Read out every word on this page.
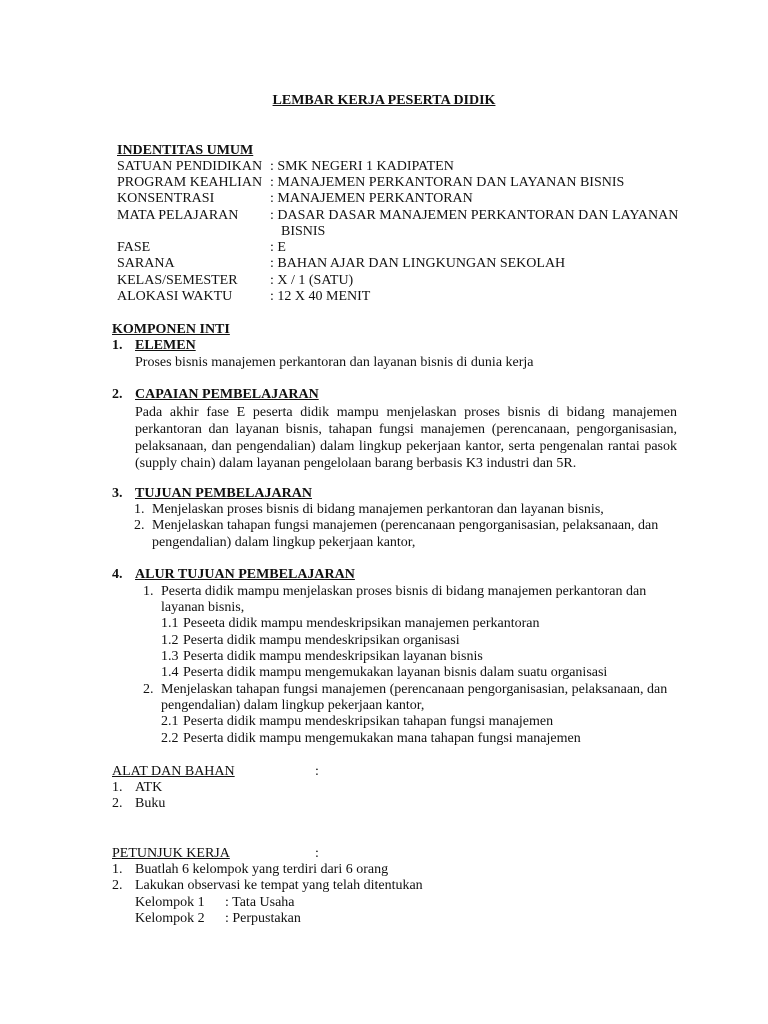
LEMBAR KERJA PESERTA DIDIK
INDENTITAS UMUM
SATUAN PENDIDIKAN : SMK NEGERI 1 KADIPATEN
PROGRAM KEAHLIAN : MANAJEMEN PERKANTORAN DAN LAYANAN BISNIS
KONSENTRASI	: MANAJEMEN PERKANTORAN
MATA PELAJARAN : DASAR DASAR MANAJEMEN PERKANTORAN DAN LAYANAN
BISNIS
FASE	: E
SARANA	: BAHAN AJAR DAN LINGKUNGAN SEKOLAH
KELAS/SEMESTER : X / 1 (SATU)
ALOKASI WAKTU	: 12 X 40 MENIT
KOMPONEN INTI
1. ELEMEN
Proses bisnis manajemen perkantoran dan layanan bisnis di dunia kerja
2. CAPAIAN PEMBELAJARAN
Pada akhir fase E peserta didik mampu menjelaskan proses bisnis di bidang manajemen perkantoran dan layanan bisnis, tahapan fungsi manajemen (perencanaan, pengorganisasian, pelaksanaan, dan pengendalian) dalam lingkup pekerjaan kantor, serta pengenalan rantai pasok (supply chain) dalam layanan pengelolaan barang berbasis K3 industri dan 5R.
3. TUJUAN PEMBELAJARAN
1. Menjelaskan proses bisnis di bidang manajemen perkantoran dan layanan bisnis,
2. Menjelaskan tahapan fungsi manajemen (perencanaan pengorganisasian, pelaksanaan, dan
pengendalian) dalam lingkup pekerjaan kantor,
4. ALUR TUJUAN PEMBELAJARAN
1. Peserta didik mampu menjelaskan proses bisnis di bidang manajemen perkantoran dan
layanan bisnis,
1.1 Peseeta didik mampu mendeskripsikan manajemen perkantoran
1.2 Peserta didik mampu mendeskripsikan organisasi
1.3 Peserta didik mampu mendeskripsikan layanan bisnis
1.4 Peserta didik mampu mengemukakan layanan bisnis dalam suatu organisasi
2. Menjelaskan tahapan fungsi manajemen (perencanaan pengorganisasian, pelaksanaan, dan
pengendalian) dalam lingkup pekerjaan kantor,
2.1 Peserta didik mampu mendeskripsikan tahapan fungsi manajemen
2.2 Peserta didik mampu mengemukakan mana tahapan fungsi manajemen
ALAT DAN BAHAN	:
1. ATK
2. Buku
PETUNJUK KERJA	:
1. Buatlah 6 kelompok yang terdiri dari 6 orang
2. Lakukan observasi ke tempat yang telah ditentukan
Kelompok 1 : Tata Usaha
Kelompok 2 : Perpustakan
